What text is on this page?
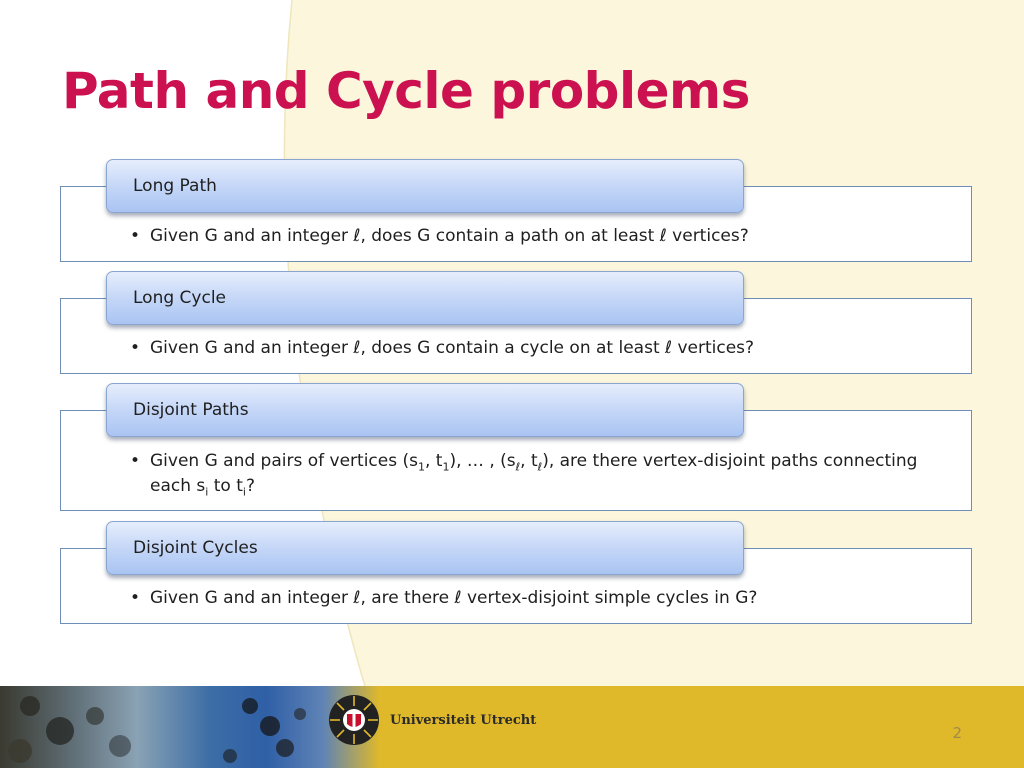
Path and Cycle problems
Long Path
• Given G and an integer ℓ, does G contain a path on at least ℓ vertices?
Long Cycle
• Given G and an integer ℓ, does G contain a cycle on at least ℓ vertices?
Disjoint Paths
• Given G and pairs of vertices ($s_1$, $t_1$), … , ($s_\ell$, $t_\ell$), are there vertex-disjoint paths connecting each $s_i$ to $t_i$?
Disjoint Cycles
• Given G and an integer ℓ, are there ℓ vertex-disjoint simple cycles in G?
Universiteit Utrecht
2
